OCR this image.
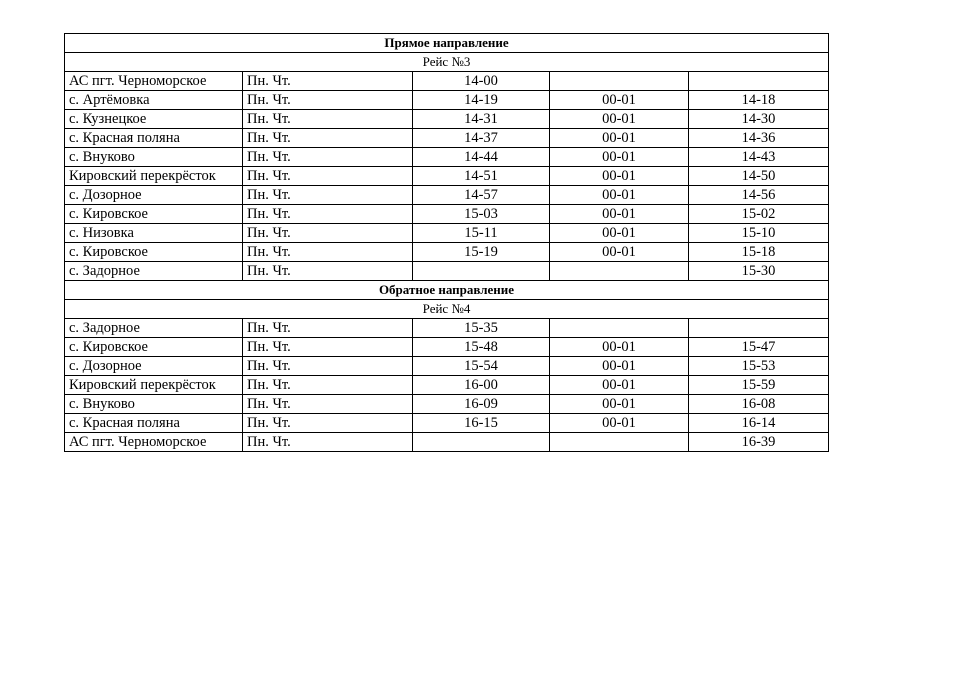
Прямое направление				
Рейс №3				
АС пгт. Черноморское	Пн. Чт.	14-00		
с. Артёмовка	Пн. Чт.	14-19	00-01	14-18
с. Кузнецкое	Пн. Чт.	14-31	00-01	14-30
с. Красная поляна	Пн. Чт.	14-37	00-01	14-36
с. Внуково	Пн. Чт.	14-44	00-01	14-43
Кировский перекрёсток	Пн. Чт.	14-51	00-01	14-50
с. Дозорное	Пн. Чт.	14-57	00-01	14-56
с. Кировское	Пн. Чт.	15-03	00-01	15-02
с. Низовка	Пн. Чт.	15-11	00-01	15-10
с. Кировское	Пн. Чт.	15-19	00-01	15-18
с. Задорное	Пн. Чт.			15-30
Обратное направление				
Рейс №4				
с. Задорное	Пн. Чт.	15-35		
с. Кировское	Пн. Чт.	15-48	00-01	15-47
с. Дозорное	Пн. Чт.	15-54	00-01	15-53
Кировский перекрёсток	Пн. Чт.	16-00	00-01	15-59
с. Внуково	Пн. Чт.	16-09	00-01	16-08
с. Красная поляна	Пн. Чт.	16-15	00-01	16-14
АС пгт. Черноморское	Пн. Чт.			16-39
